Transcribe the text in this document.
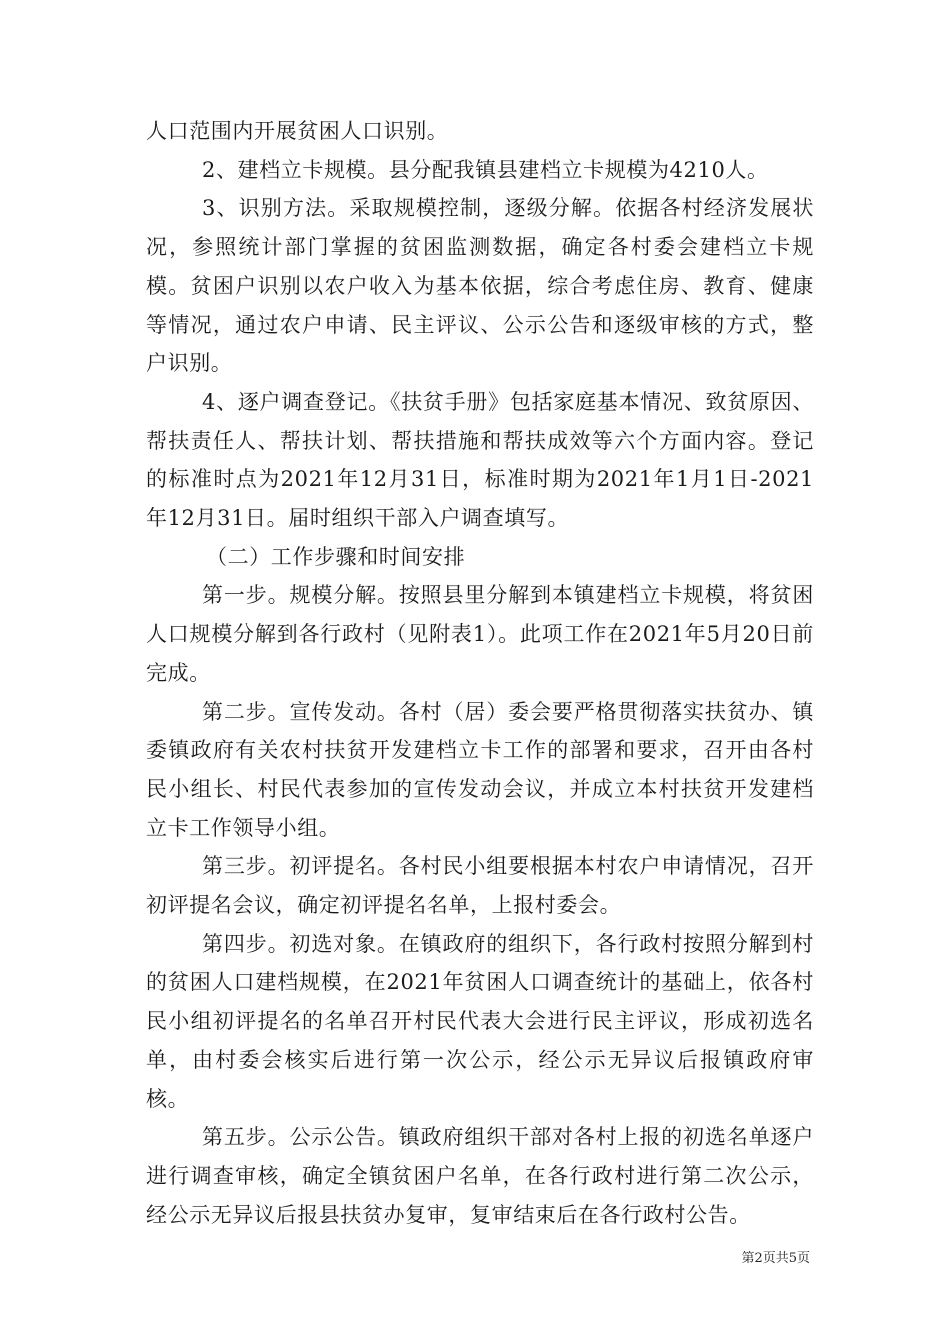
人口范围内开展贫困人口识别。

2、建档立卡规模。县分配我镇县建档立卡规模为4210人。

3、识别方法。采取规模控制，逐级分解。依据各村经济发展状况，参照统计部门掌握的贫困监测数据，确定各村委会建档立卡规模。贫困户识别以农户收入为基本依据，综合考虑住房、教育、健康等情况，通过农户申请、民主评议、公示公告和逐级审核的方式，整户识别。

4、逐户调查登记。《扶贫手册》包括家庭基本情况、致贫原因、帮扶责任人、帮扶计划、帮扶措施和帮扶成效等六个方面内容。登记的标准时点为2021年12月31日，标准时期为2021年1月1日-2021年12月31日。届时组织干部入户调查填写。

（二）工作步骤和时间安排

第一步。规模分解。按照县里分解到本镇建档立卡规模，将贫困人口规模分解到各行政村（见附表1）。此项工作在2021年5月20日前完成。

第二步。宣传发动。各村（居）委会要严格贯彻落实扶贫办、镇委镇政府有关农村扶贫开发建档立卡工作的部署和要求，召开由各村民小组长、村民代表参加的宣传发动会议，并成立本村扶贫开发建档立卡工作领导小组。

第三步。初评提名。各村民小组要根据本村农户申请情况，召开初评提名会议，确定初评提名名单，上报村委会。

第四步。初选对象。在镇政府的组织下，各行政村按照分解到村的贫困人口建档规模，在2021年贫困人口调查统计的基础上，依各村民小组初评提名的名单召开村民代表大会进行民主评议，形成初选名单，由村委会核实后进行第一次公示，经公示无异议后报镇政府审核。

第五步。公示公告。镇政府组织干部对各村上报的初选名单逐户进行调查审核，确定全镇贫困户名单，在各行政村进行第二次公示，经公示无异议后报县扶贫办复审，复审结束后在各行政村公告。

第2页共5页
